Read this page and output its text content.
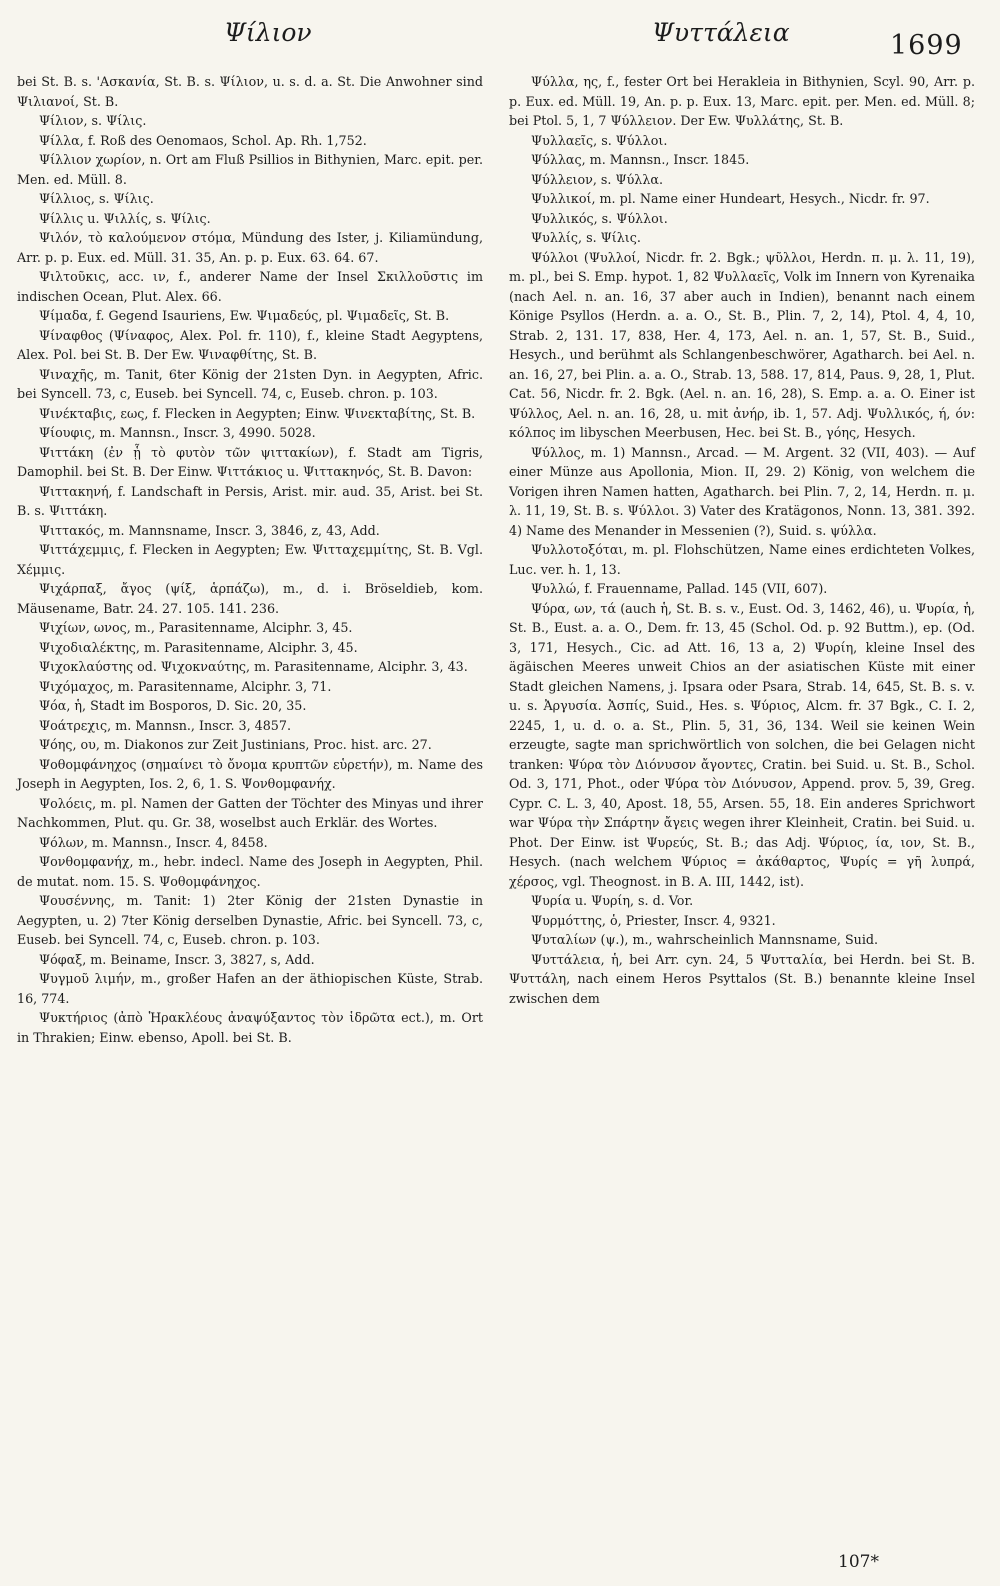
Ψίλιον	Ψυττάλεια	1699

bei St. B. s. 'Ασκανία, St. B. s. Ψίλιον, u. s. d. a. St. Die Anwohner sind Ψιλιανοί, St. B.

Ψίλιον, s. Ψίλις.

Ψίλλα, f. Roß des Oenomaos, Schol. Ap. Rh. 1,752.

Ψίλλιον χωρίον, n. Ort am Fluß Psillios in Bithynien, Marc. epit. per. Men. ed. Müll. 8.

Ψίλλιος, s. Ψίλις.

Ψίλλις u. Ψιλλίς, s. Ψίλις.

Ψιλόν, τὸ καλούμενον στόμα, Mündung des Ister, j. Kiliamündung, Arr. p. p. Eux. ed. Müll. 31. 35, An. p. p. Eux. 63. 64. 67.

Ψιλτοῦκις, acc. ιν, f., anderer Name der Insel Σκιλλοῦστις im indischen Ocean, Plut. Alex. 66.

Ψίμαδα, f. Gegend Isauriens, Ew. Ψιμαδεύς, pl. Ψιμαδεῖς, St. B.

Ψίναφθος (Ψίναφος, Alex. Pol. fr. 110), f., kleine Stadt Aegyptens, Alex. Pol. bei St. B. Der Ew. Ψιναφθίτης, St. B.

Ψιναχῆς, m. Tanit, 6ter König der 21sten Dyn. in Aegypten, Afric. bei Syncell. 73, c, Euseb. bei Syncell. 74, c, Euseb. chron. p. 103.

Ψινέκταβις, εως, f. Flecken in Aegypten; Einw. Ψινεκταβίτης, St. B.

Ψίουφις, m. Mannsn., Inscr. 3, 4990. 5028.

Ψιττάκη (ἐν ᾗ τὸ φυτὸν τῶν ψιττακίων), f. Stadt am Tigris, Damophil. bei St. B. Der Einw. Ψιττάκιος u. Ψιττακηνός, St. B. Davon:

Ψιττακηνή, f. Landschaft in Persis, Arist. mir. aud. 35, Arist. bei St. B. s. Ψιττάκη.

Ψιττακός, m. Mannsname, Inscr. 3, 3846, z, 43, Add.

Ψιττάχεμμις, f. Flecken in Aegypten; Ew. Ψιτταχεμμίτης, St. B. Vgl. Χέμμις.

Ψιχάρπαξ, ἄγος (ψίξ, ἁρπάζω), m., d. i. Bröseldieb, kom. Mäusename, Batr. 24. 27. 105. 141. 236.

Ψιχίων, ωνος, m., Parasitenname, Alciphr. 3, 45.

Ψιχοδιαλέκτης, m. Parasitenname, Alciphr. 3, 45.

Ψιχοκλαύστης od. Ψιχοκναύτης, m. Parasitenname, Alciphr. 3, 43.

Ψιχόμαχος, m. Parasitenname, Alciphr. 3, 71.

Ψόα, ἡ, Stadt im Bosporos, D. Sic. 20, 35.

Ψοάτρεχις, m. Mannsn., Inscr. 3, 4857.

Ψόης, ου, m. Diakonos zur Zeit Justinians, Proc. hist. arc. 27.

Ψοθομφάνηχος (σημαίνει τὸ ὄνομα κρυπτῶν εὑρετήν), m. Name des Joseph in Aegypten, Ios. 2, 6, 1. S. Ψονθομφανήχ.

Ψολόεις, m. pl. Namen der Gatten der Töchter des Minyas und ihrer Nachkommen, Plut. qu. Gr. 38, woselbst auch Erklär. des Wortes.

Ψόλων, m. Mannsn., Inscr. 4, 8458.

Ψονθομφανήχ, m., hebr. indecl. Name des Joseph in Aegypten, Phil. de mutat. nom. 15. S. Ψοθομφάνηχος.

Ψουσέννης, m. Tanit: 1) 2ter König der 21sten Dynastie in Aegypten, u. 2) 7ter König derselben Dynastie, Afric. bei Syncell. 73, c, Euseb. bei Syncell. 74, c, Euseb. chron. p. 103.

Ψόφαξ, m. Beiname, Inscr. 3, 3827, s, Add.

Ψυγμοῦ λιμήν, m., großer Hafen an der äthiopischen Küste, Strab. 16, 774.

Ψυκτήριος (ἀπὸ Ἡρακλέους ἀναψύξαντος τὸν ἱδρῶτα ect.), m. Ort in Thrakien; Einw. ebenso, Apoll. bei St. B.

Ψύλλα, ης, f., fester Ort bei Herakleia in Bithynien, Scyl. 90, Arr. p. p. Eux. ed. Müll. 19, An. p. p. Eux. 13, Marc. epit. per. Men. ed. Müll. 8; bei Ptol. 5, 1, 7 Ψύλλειον. Der Ew. Ψυλλάτης, St. B.

Ψυλλαεῖς, s. Ψύλλοι.

Ψύλλας, m. Mannsn., Inscr. 1845.

Ψύλλειον, s. Ψύλλα.

Ψυλλικοί, m. pl. Name einer Hundeart, Hesych., Nicdr. fr. 97.

Ψυλλικός, s. Ψύλλοι.

Ψυλλίς, s. Ψίλις.

Ψύλλοι (Ψυλλοί, Nicdr. fr. 2. Bgk.; ψῦλλοι, Herdn. π. μ. λ. 11, 19), m. pl., bei S. Emp. hypot. 1, 82 Ψυλλαεῖς, Volk im Innern von Kyrenaika (nach Ael. n. an. 16, 37 aber auch in Indien), benannt nach einem Könige Psyllos (Herdn. a. a. O., St. B., Plin. 7, 2, 14), Ptol. 4, 4, 10, Strab. 2, 131. 17, 838, Her. 4, 173, Ael. n. an. 1, 57, St. B., Suid., Hesych., und berühmt als Schlangenbeschwörer, Agatharch. bei Ael. n. an. 16, 27, bei Plin. a. a. O., Strab. 13, 588. 17, 814, Paus. 9, 28, 1, Plut. Cat. 56, Nicdr. fr. 2. Bgk. (Ael. n. an. 16, 28), S. Emp. a. a. O. Einer ist Ψύλλος, Ael. n. an. 16, 28, u. mit ἀνήρ, ib. 1, 57. Adj. Ψυλλικός, ή, όν: κόλπος im libyschen Meerbusen, Hec. bei St. B., γόης, Hesych.

Ψύλλος, m. 1) Mannsn., Arcad. — M. Argent. 32 (VII, 403). — Auf einer Münze aus Apollonia, Mion. II, 29. 2) König, von welchem die Vorigen ihren Namen hatten, Agatharch. bei Plin. 7, 2, 14, Herdn. π. μ. λ. 11, 19, St. B. s. Ψύλλοι. 3) Vater des Kratägonos, Nonn. 13, 381. 392. 4) Name des Menander in Messenien (?), Suid. s. ψύλλα.

Ψυλλοτοξόται, m. pl. Flohschützen, Name eines erdichteten Volkes, Luc. ver. h. 1, 13.

Ψυλλώ, f. Frauenname, Pallad. 145 (VII, 607).

Ψύρα, ων, τά (auch ἡ, St. B. s. v., Eust. Od. 3, 1462, 46), u. Ψυρία, ἡ, St. B., Eust. a. a. O., Dem. fr. 13, 45 (Schol. Od. p. 92 Buttm.), ep. (Od. 3, 171, Hesych., Cic. ad Att. 16, 13 a, 2) Ψυρίη, kleine Insel des ägäischen Meeres unweit Chios an der asiatischen Küste mit einer Stadt gleichen Namens, j. Ipsara oder Psara, Strab. 14, 645, St. B. s. v. u. s. Ἀργυσία. Ἀσπίς, Suid., Hes. s. Ψύριος, Alcm. fr. 37 Bgk., C. I. 2, 2245, 1, u. d. o. a. St., Plin. 5, 31, 36, 134. Weil sie keinen Wein erzeugte, sagte man sprichwörtlich von solchen, die bei Gelagen nicht tranken: Ψύρα τὸν Διόνυσον ἄγοντες, Cratin. bei Suid. u. St. B., Schol. Od. 3, 171, Phot., oder Ψύρα τὸν Διόνυσον, Append. prov. 5, 39, Greg. Cypr. C. L. 3, 40, Apost. 18, 55, Arsen. 55, 18. Ein anderes Sprichwort war Ψύρα τὴν Σπάρτην ἄγεις wegen ihrer Kleinheit, Cratin. bei Suid. u. Phot. Der Einw. ist Ψυρεύς, St. B.; das Adj. Ψύριος, ία, ιον, St. B., Hesych. (nach welchem Ψύριος = ἀκάθαρτος, Ψυρίς = γῆ λυπρά, χέρσος, vgl. Theognost. in B. A. III, 1442, ist).

Ψυρία u. Ψυρίη, s. d. Vor.

Ψυρμόττης, ὁ, Priester, Inscr. 4, 9321.

Ψυταλίων (ψ.), m., wahrscheinlich Mannsname, Suid.

Ψυττάλεια, ἡ, bei Arr. cyn. 24, 5 Ψυτταλία, bei Herdn. bei St. B. Ψυττάλη, nach einem Heros Psyttalos (St. B.) benannte kleine Insel zwischen dem

107*
